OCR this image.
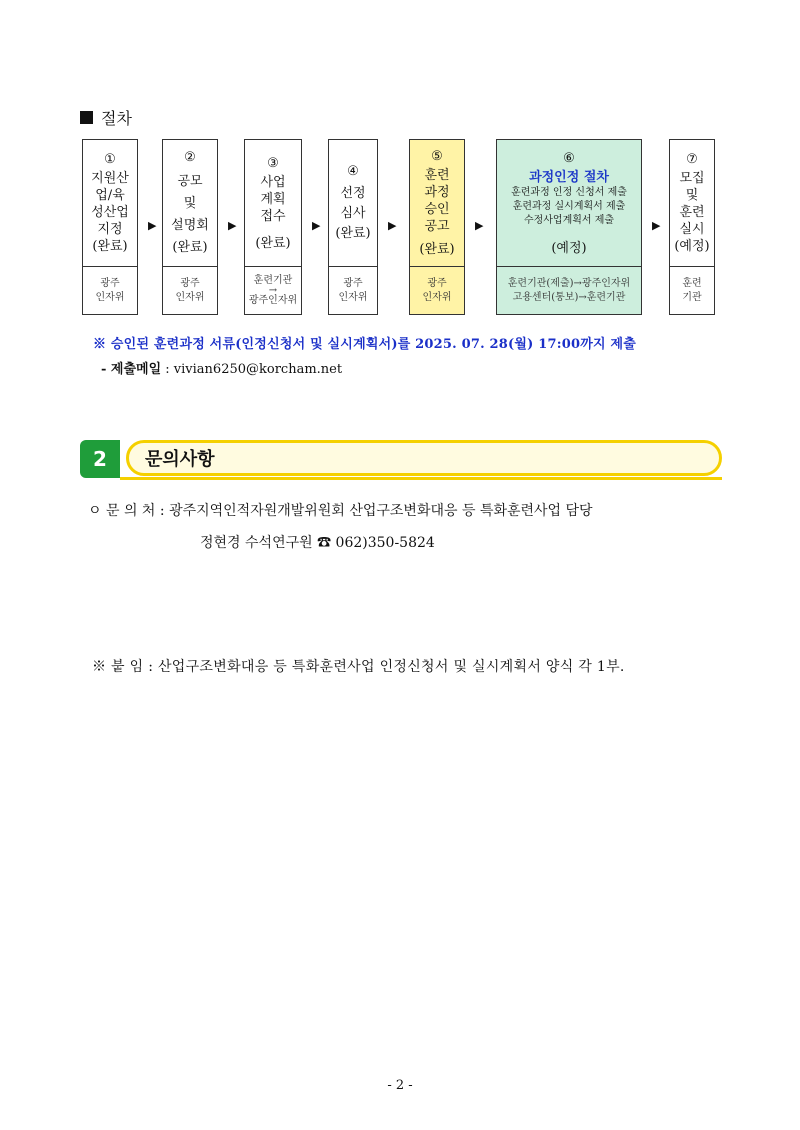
절차
①
지원산
업/육
성산업
지정
(완료)
광주
인자위
▶
②
공모
및
설명회
(완료)
광주
인자위
▶
③
사업
계획
접수
(완료)
훈련기관
→
광주인자위
▶
④
선정
심사
(완료)
광주
인자위
▶
⑤
훈련
과정
승인
공고
(완료)
광주
인자위
▶
⑥
과정인정 절차
훈련과정 인정 신청서 제출
훈련과정 실시계획서 제출
수정사업계획서 제출
(예정)
훈련기관(제출)→광주인자위
고용센터(통보)→훈련기관
▶
⑦
모집
및
훈련
실시
(예정)
훈련
기관
※ 승인된 훈련과정 서류(인정신청서 및 실시계획서)를 2025. 07. 28(월) 17:00까지 제출
- 제출메일 : vivian6250@korcham.net
2 문의사항
ㅇ 문 의 처 : 광주지역인적자원개발위원회 산업구조변화대응 등 특화훈련사업 담당
정현경 수석연구원 ☎ 062)350-5824
※ 붙 임 : 산업구조변화대응 등 특화훈련사업 인정신청서 및 실시계획서 양식 각 1부.
- 2 -
